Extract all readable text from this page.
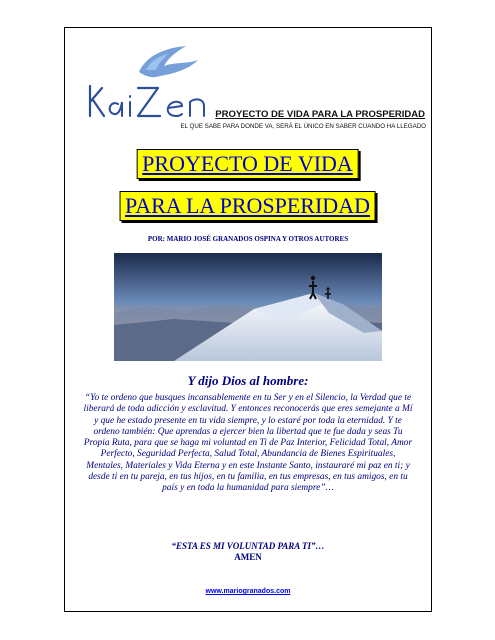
PROYECTO DE VIDA PARA LA PROSPERIDAD
EL QUE SABE PARA DONDE VA, SERÁ EL ÚNICO EN SABER CUANDO HA LLEGADO
PROYECTO DE VIDA
PARA LA PROSPERIDAD
POR: MARIO JOSÉ GRANADOS OSPINA Y OTROS AUTORES
Y dijo Dios al hombre:
“Yo te ordeno que busques incansablemente en tu Ser y en el Silencio, la Verdad que te liberará de toda adicción y esclavitud. Y entonces reconocerás que eres semejante a Mí y que he estado presente en tu vida siempre, y lo estaré por toda la eternidad. Y te ordeno también: Que aprendas a ejercer bien la libertad que te fue dada y seas Tu Propia Ruta, para que se haga mi voluntad en Ti de Paz Interior, Felicidad Total, Amor Perfecto, Seguridad Perfecta, Salud Total, Abundancia de Bienes Espirituales, Mentales, Materiales y Vida Eterna y en este Instante Santo, instauraré mi paz en ti; y desde ti en tu pareja, en tus hijos, en tu familia, en tus empresas, en tus amigos, en tu país y en toda la humanidad para siempre”…
“ESTA ES MI VOLUNTAD PARA TI”…
AMEN
www.mariogranados.com
